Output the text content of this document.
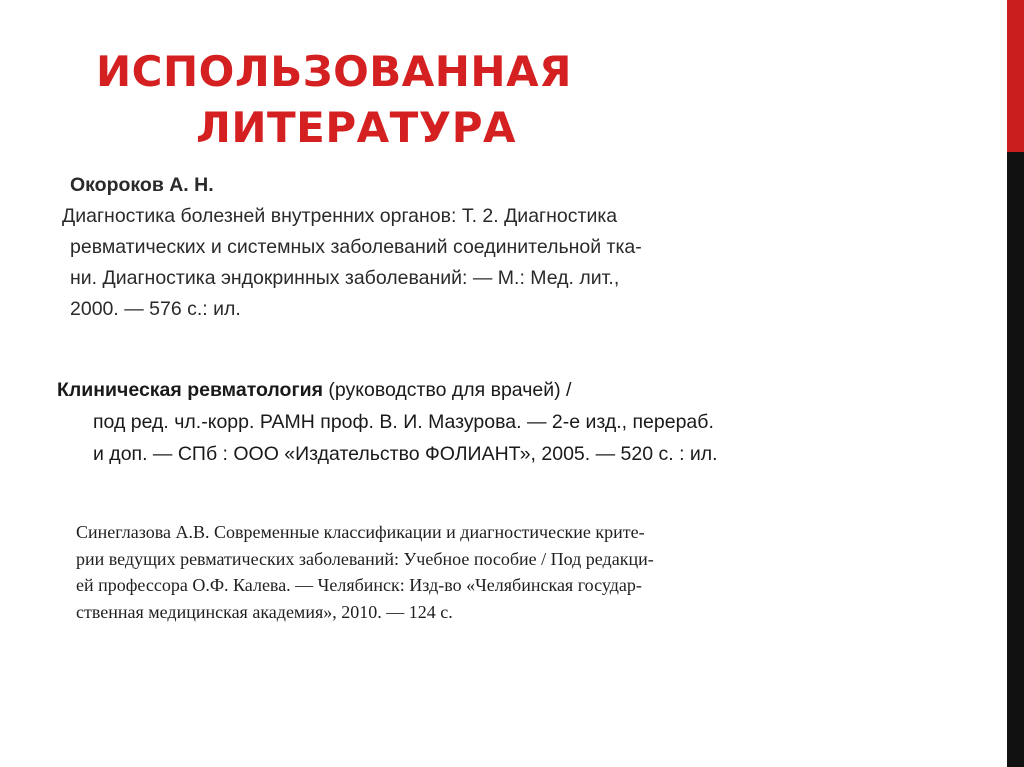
ИСПОЛЬЗОВАННАЯ
ЛИТЕРАТУРА
Окороков А. Н.
Диагностика болезней внутренних органов: Т. 2. Диагностика
ревматических и системных заболеваний соединительной тка-
ни. Диагностика эндокринных заболеваний: — М.: Мед. лит.,
2000. — 576 с.: ил.
Клиническая ревматология (руководство для врачей) /
под ред. чл.-корр. РАМН проф. В. И. Мазурова. — 2-е изд., перераб.
и доп. — СПб : ООО «Издательство ФОЛИАНТ», 2005. — 520 с. : ил.
Синеглазова А.В. Современные классификации и диагностические крите-
рии ведущих ревматических заболеваний: Учебное пособие / Под редакци-
ей профессора О.Ф. Калева. — Челябинск: Изд-во «Челябинская государ-
ственная медицинская академия», 2010. — 124 с.
